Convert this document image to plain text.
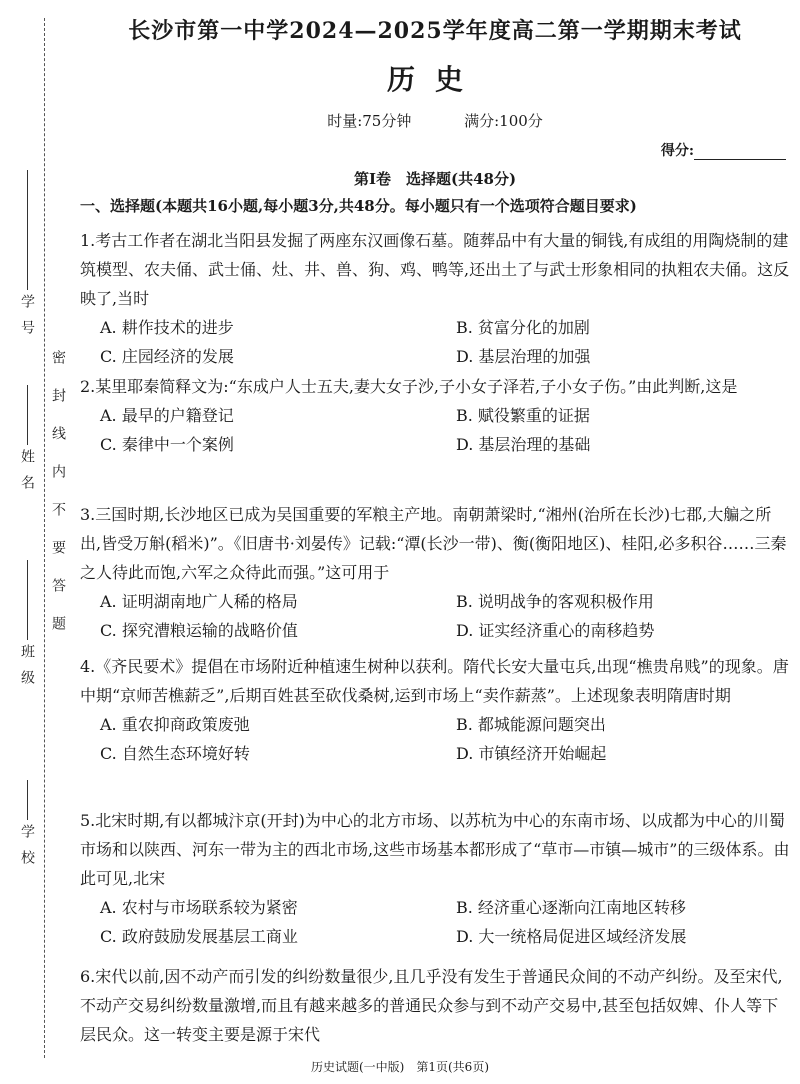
学号
姓名
班级
学校
密封线内不要答题
长沙市第一中学2024—2025学年度高二第一学期期末考试
历史
时量:75分钟	满分:100分
得分:
第Ⅰ卷　选择题(共48分)
一、选择题(本题共16小题,每小题3分,共48分。每小题只有一个选项符合题目要求)
1.考古工作者在湖北当阳县发掘了两座东汉画像石墓。随葬品中有大量的铜钱,有成组的用陶烧制的建筑模型、农夫俑、武士俑、灶、井、兽、狗、鸡、鸭等,还出土了与武士形象相同的执粗农夫俑。这反映了,当时
A. 耕作技术的进步	B. 贫富分化的加剧
C. 庄园经济的发展	D. 基层治理的加强
2.某里耶秦简释文为:“东成户人士五夫,妻大女子沙,子小女子泽若,子小女子伤。”由此判断,这是
A. 最早的户籍登记	B. 赋役繁重的证据
C. 秦律中一个案例	D. 基层治理的基础
3.三国时期,长沙地区已成为吴国重要的军粮主产地。南朝萧梁时,“湘州(治所在长沙)七郡,大艑之所出,皆受万斛(稻米)”。《旧唐书·刘晏传》记载:“潭(长沙一带)、衡(衡阳地区)、桂阳,必多积谷……三秦之人待此而饱,六军之众待此而强。”这可用于
A. 证明湖南地广人稀的格局	B. 说明战争的客观积极作用
C. 探究漕粮运输的战略价值	D. 证实经济重心的南移趋势
4.《齐民要术》提倡在市场附近种植速生树种以获利。隋代长安大量屯兵,出现“樵贵帛贱”的现象。唐中期“京师苦樵薪乏”,后期百姓甚至砍伐桑树,运到市场上“卖作薪蒸”。上述现象表明隋唐时期
A. 重农抑商政策废弛	B. 都城能源问题突出
C. 自然生态环境好转	D. 市镇经济开始崛起
5.北宋时期,有以都城汴京(开封)为中心的北方市场、以苏杭为中心的东南市场、以成都为中心的川蜀市场和以陕西、河东一带为主的西北市场,这些市场基本都形成了“草市—市镇—城市”的三级体系。由此可见,北宋
A. 农村与市场联系较为紧密	B. 经济重心逐渐向江南地区转移
C. 政府鼓励发展基层工商业	D. 大一统格局促进区域经济发展
6.宋代以前,因不动产而引发的纠纷数量很少,且几乎没有发生于普通民众间的不动产纠纷。及至宋代,不动产交易纠纷数量激增,而且有越来越多的普通民众参与到不动产交易中,甚至包括奴婢、仆人等下层民众。这一转变主要是源于宋代
历史试题(一中版)　第1页(共6页)
